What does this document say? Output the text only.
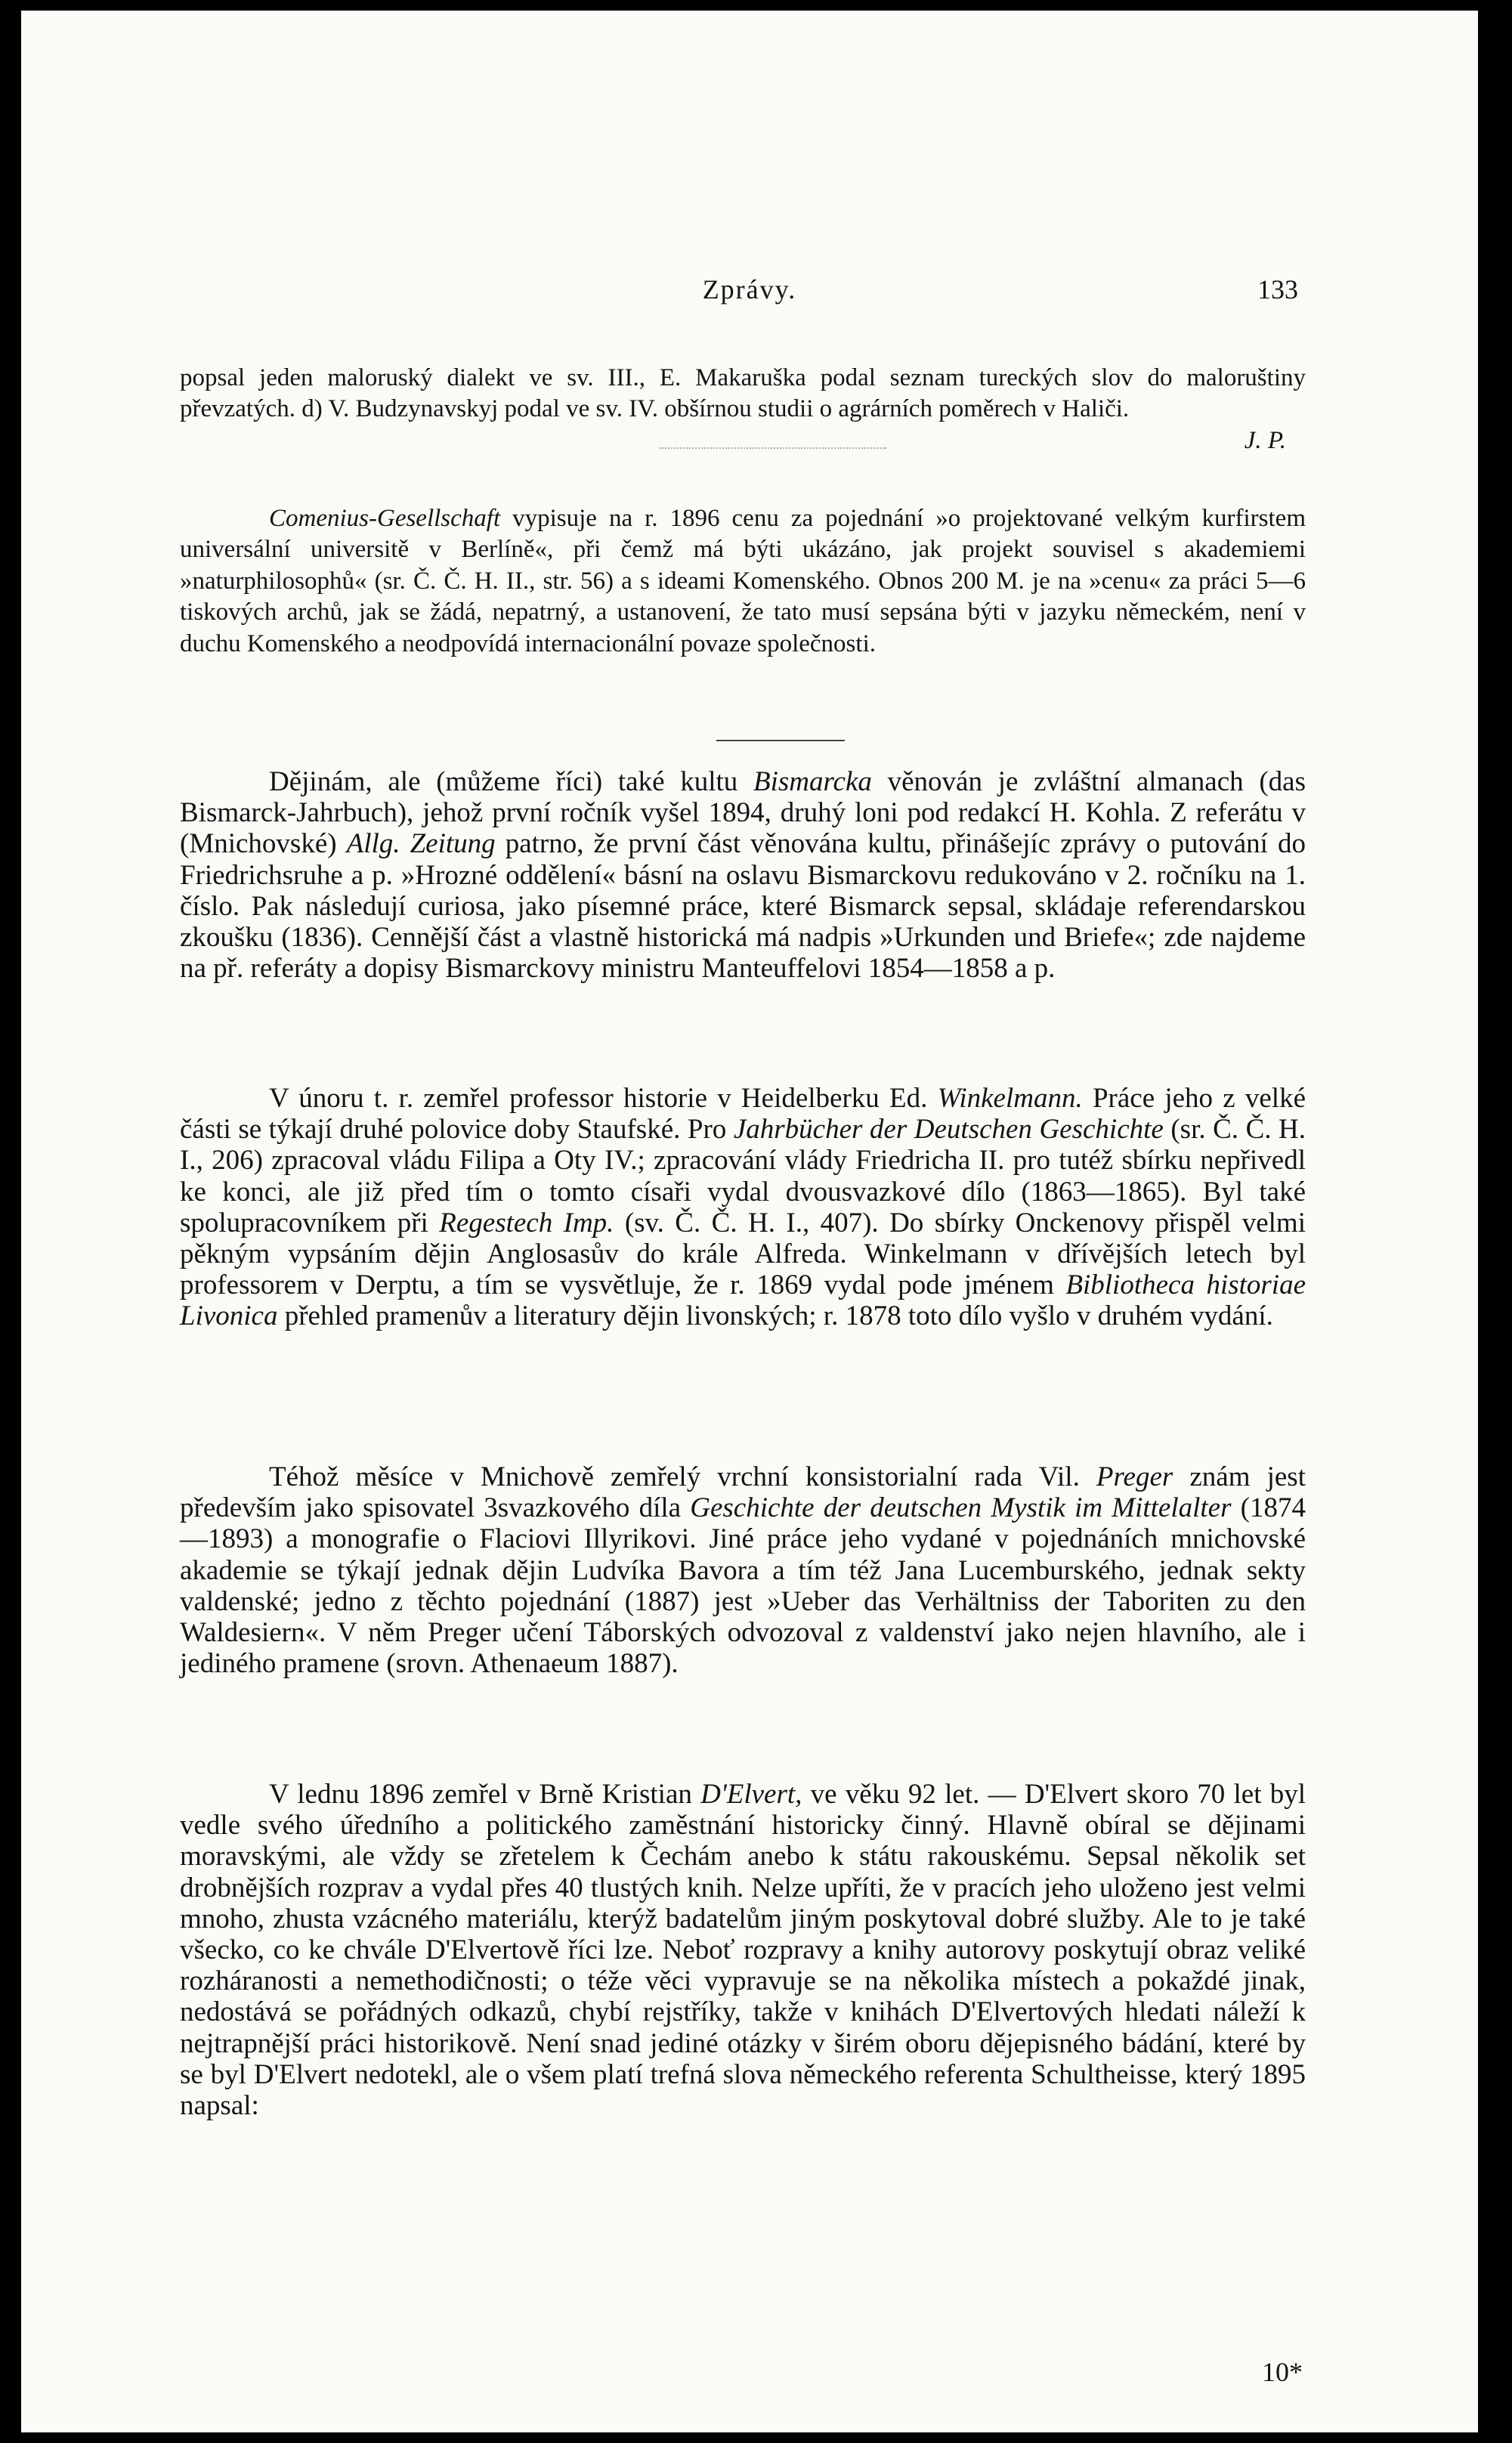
Zprávy.	133

popsal jeden maloruský dialekt ve sv. III., E. Makaruška podal seznam tureckých slov do maloruštiny převzatých. d) V. Budzynavskyj podal ve sv. IV. obšírnou studii o agrárních poměrech v Haliči.

J. P.

Comenius-Gesellschaft vypisuje na r. 1896 cenu za pojednání »o projektované velkým kurfirstem universální universitě v Berlíně«, při čemž má býti ukázáno, jak projekt souvisel s akademiemi »naturphilosophů« (sr. Č. Č. H. II., str. 56) a s ideami Komenského. Obnos 200 M. je na »cenu« za práci 5—6 tiskových archů, jak se žádá, nepatrný, a ustanovení, že tato musí sepsána býti v jazyku německém, není v duchu Komenského a neodpovídá internacionální povaze společnosti.

Dějinám, ale (můžeme říci) také kultu Bismarcka věnován je zvláštní almanach (das Bismarck-Jahrbuch), jehož první ročník vyšel 1894, druhý loni pod redakcí H. Kohla. Z referátu v (Mnichovské) Allg. Zeitung patrno, že první část věnována kultu, přinášejíc zprávy o putování do Friedrichsruhe a p. »Hrozné oddělení« básní na oslavu Bismarckovu redukováno v 2. ročníku na 1. číslo. Pak následují curiosa, jako písemné práce, které Bismarck sepsal, skládaje referendarskou zkoušku (1836). Cennější část a vlastně historická má nadpis »Urkunden und Briefe«; zde najdeme na př. referáty a dopisy Bismarckovy ministru Manteuffelovi 1854—1858 a p.

V únoru t. r. zemřel professor historie v Heidelberku Ed. Winkelmann. Práce jeho z velké části se týkají druhé polovice doby Staufské. Pro Jahrbücher der Deutschen Geschichte (sr. Č. Č. H. I., 206) zpracoval vládu Filipa a Oty IV.; zpracování vlády Friedricha II. pro tutéž sbírku nepřivedl ke konci, ale již před tím o tomto císaři vydal dvousvazkové dílo (1863—1865). Byl také spolupracovníkem při Regestech Imp. (sv. Č. Č. H. I., 407). Do sbírky Onckenovy přispěl velmi pěkným vypsáním dějin Anglosasův do krále Alfreda. Winkelmann v dřívějších letech byl professorem v Derptu, a tím se vysvětluje, že r. 1869 vydal pode jménem Bibliotheca historiae Livonica přehled pramenův a literatury dějin livonských; r. 1878 toto dílo vyšlo v druhém vydání.

Téhož měsíce v Mnichově zemřelý vrchní konsistorialní rada Vil. Preger znám jest především jako spisovatel 3svazkového díla Geschichte der deutschen Mystik im Mittelalter (1874—1893) a monografie o Flaciovi Illyrikovi. Jiné práce jeho vydané v pojednáních mnichovské akademie se týkají jednak dějin Ludvíka Bavora a tím též Jana Lucemburského, jednak sekty valdenské; jedno z těchto pojednání (1887) jest »Ueber das Verhältniss der Taboriten zu den Waldesiern«. V něm Preger učení Táborských odvozoval z valdenství jako nejen hlavního, ale i jediného pramene (srovn. Athenaeum 1887).

V lednu 1896 zemřel v Brně Kristian D'Elvert, ve věku 92 let. — D'Elvert skoro 70 let byl vedle svého úředního a politického zaměstnání historicky činný. Hlavně obíral se dějinami moravskými, ale vždy se zřetelem k Čechám anebo k státu rakouskému. Sepsal několik set drobnějších rozprav a vydal přes 40 tlustých knih. Nelze upříti, že v pracích jeho uloženo jest velmi mnoho, zhusta vzácného materiálu, kterýž badatelům jiným poskytoval dobré služby. Ale to je také všecko, co ke chvále D'Elvertově říci lze. Neboť rozpravy a knihy autorovy poskytují obraz veliké rozháranosti a nemethodičnosti; o téže věci vypravuje se na několika místech a pokaždé jinak, nedostává se pořádných odkazů, chybí rejstříky, takže v knihách D'Elvertových hledati náleží k nejtrapnější práci historikově. Není snad jediné otázky v širém oboru dějepisného bádání, které by se byl D'Elvert nedotekl, ale o všem platí trefná slova německého referenta Schultheisse, který 1895 napsal:

10*
